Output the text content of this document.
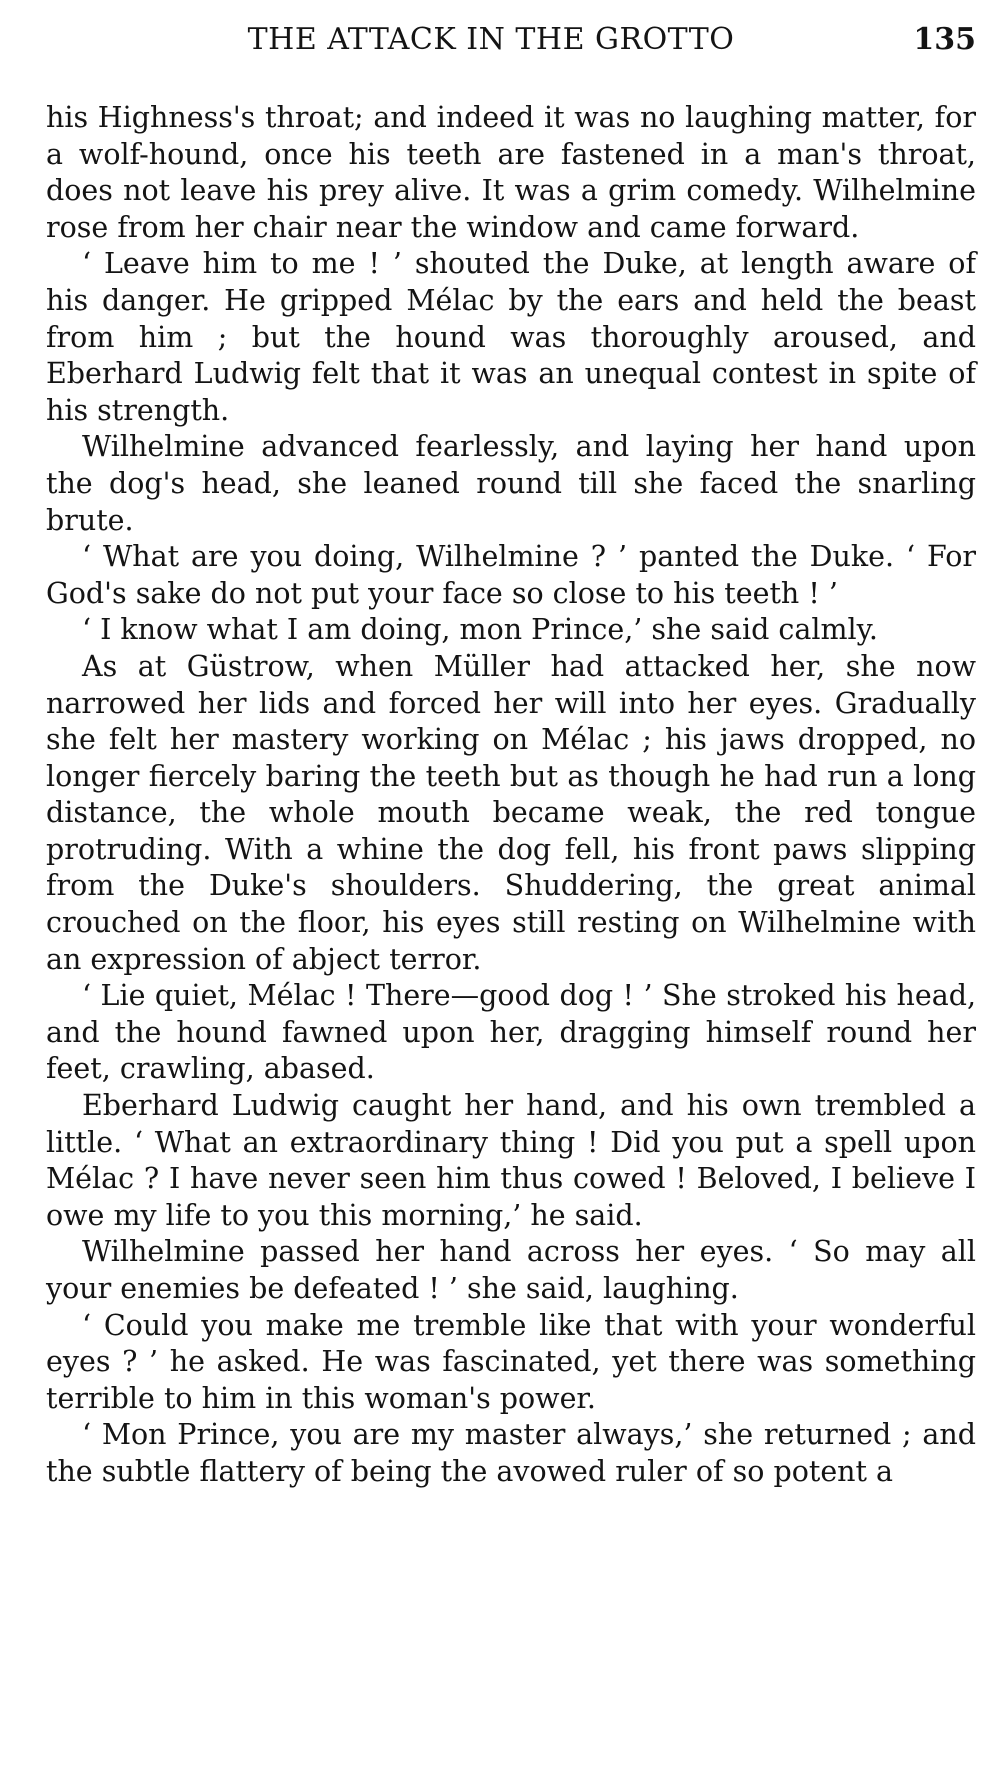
THE ATTACK IN THE GROTTO	135

his Highness's throat; and indeed it was no laughing matter, for a wolf-hound, once his teeth are fastened in a man's throat, does not leave his prey alive. It was a grim comedy. Wilhelmine rose from her chair near the window and came forward.

‘ Leave him to me ! ’ shouted the Duke, at length aware of his danger. He gripped Mélac by the ears and held the beast from him ; but the hound was thoroughly aroused, and Eberhard Ludwig felt that it was an unequal contest in spite of his strength.

Wilhelmine advanced fearlessly, and laying her hand upon the dog's head, she leaned round till she faced the snarling brute.

‘ What are you doing, Wilhelmine ? ’ panted the Duke. ‘ For God's sake do not put your face so close to his teeth ! ’

‘ I know what I am doing, mon Prince,’ she said calmly.

As at Güstrow, when Müller had attacked her, she now narrowed her lids and forced her will into her eyes. Gradually she felt her mastery working on Mélac ; his jaws dropped, no longer fiercely baring the teeth but as though he had run a long distance, the whole mouth became weak, the red tongue protruding. With a whine the dog fell, his front paws slipping from the Duke's shoulders. Shuddering, the great animal crouched on the floor, his eyes still resting on Wilhelmine with an expression of abject terror.

‘ Lie quiet, Mélac ! There—good dog ! ’ She stroked his head, and the hound fawned upon her, dragging himself round her feet, crawling, abased.

Eberhard Ludwig caught her hand, and his own trembled a little. ‘ What an extraordinary thing ! Did you put a spell upon Mélac ? I have never seen him thus cowed ! Beloved, I believe I owe my life to you this morning,’ he said.

Wilhelmine passed her hand across her eyes. ‘ So may all your enemies be defeated ! ’ she said, laughing.

‘ Could you make me tremble like that with your wonderful eyes ? ’ he asked. He was fascinated, yet there was something terrible to him in this woman's power.

‘ Mon Prince, you are my master always,’ she returned ; and the subtle flattery of being the avowed ruler of so potent a
